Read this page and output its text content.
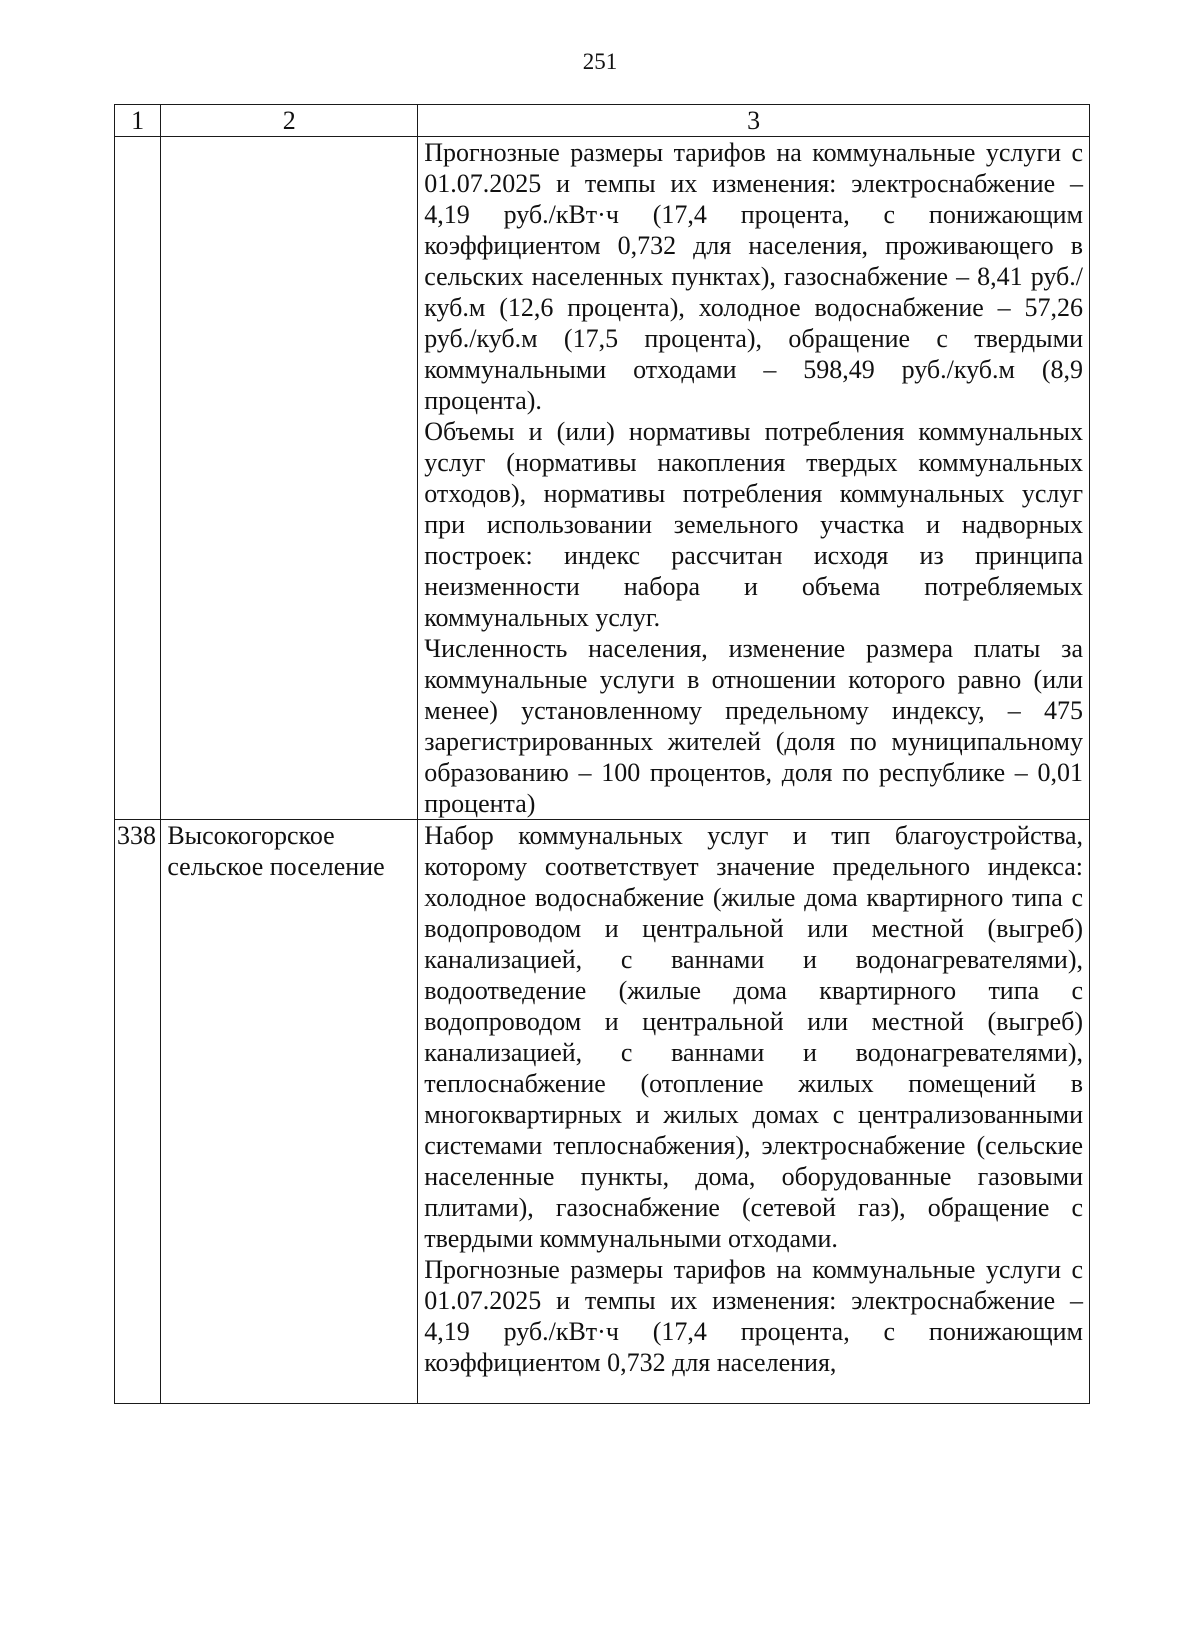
251
1	2	3

		Прогнозные размеры тарифов на коммунальные услуги с 01.07.2025 и темпы их изменения: электроснабжение – 4,19 руб./кВт·ч (17,4 процента, с понижающим коэффициентом 0,732 для населения, проживающего в сельских населенных пунктах), газоснабжение – 8,41 руб./куб.м (12,6 процента), холодное водоснабжение – 57,26 руб./куб.м (17,5 процента), обращение с твердыми коммунальными отходами – 598,49 руб./куб.м (8,9 процента).

Объемы и (или) нормативы потребления коммунальных услуг (нормативы накопления твердых коммунальных отходов), нормативы потребления коммунальных услуг при использовании земельного участка и надворных построек: индекс рассчитан исходя из принципа неизменности набора и объема потребляемых коммунальных услуг.

Численность населения, изменение размера платы за коммунальные услуги в отношении которого равно (или менее) установленному предельному индексу, – 475 зарегистрированных жителей (доля по муниципальному образованию – 100 процентов, доля по республике – 0,01 процента)

338	Высокогорское сельское поселение	Набор коммунальных услуг и тип благоустройства, которому соответствует значение предельного индекса: холодное водоснабжение (жилые дома квартирного типа с водопроводом и центральной или местной (выгреб) канализацией, с ваннами и водонагревателями), водоотведение (жилые дома квартирного типа с водопроводом и центральной или местной (выгреб) канализацией, с ваннами и водонагревателями), теплоснабжение (отопление жилых помещений в многоквартирных и жилых домах с централизованными системами теплоснабжения), электроснабжение (сельские населенные пункты, дома, оборудованные газовыми плитами), газоснабжение (сетевой газ), обращение с твердыми коммунальными отходами.

Прогнозные размеры тарифов на коммунальные услуги с 01.07.2025 и темпы их изменения: электроснабжение – 4,19 руб./кВт·ч (17,4 процента, с понижающим коэффициентом 0,732 для населения,
